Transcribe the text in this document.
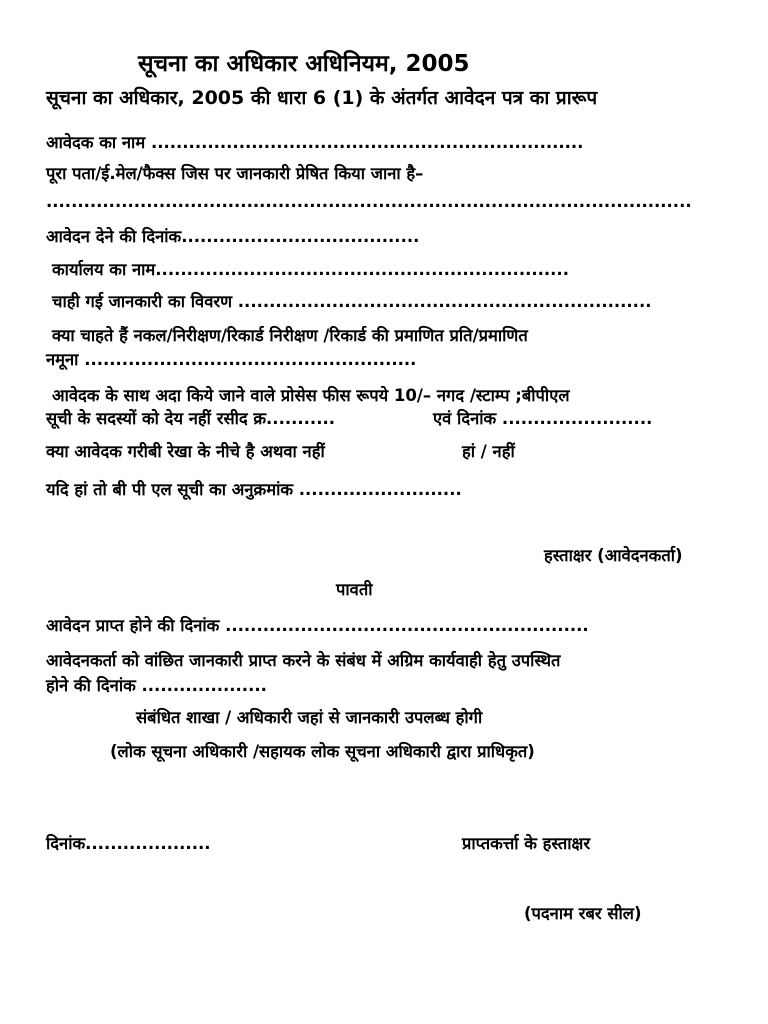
सूचना का अधिकार अधिनियम, 2005
सूचना का अधिकार, 2005 की धारा 6 (1) के अंतर्गत आवेदन पत्र का प्रारूप
आवेदक का नाम .....................................................................
पूरा पता/ई.मेल/फैक्स जिस पर जानकारी प्रेषित किया जाना है–
.......................................................................................................
आवेदन देने की दिनांक......................................
कार्यालय का नाम..................................................................
चाही गई जानकारी का विवरण ..................................................................
क्या चाहते हैं नकल/निरीक्षण/रिकार्ड निरीक्षण /रिकार्ड की प्रमाणित प्रति/प्रमाणित
नमूना .....................................................
आवेदक के साथ अदा किये जाने वाले प्रोसेस फीस रूपये 10/– नगद /स्टाम्प ;बीपीएल
सूची के सदस्यों को देय नहीं रसीद क्र...........	एवं दिनांक ........................
क्या आवेदक गरीबी रेखा के नीचे है अथवा नहीं	हां / नहीं
यदि हां तो बी पी एल सूची का अनुक्रमांक ..........................
हस्ताक्षर (आवेदनकर्ता)
पावती
आवेदन प्राप्त होने की दिनांक ..........................................................
आवेदनकर्ता को वांछित जानकारी प्राप्त करने के संबंध में अग्रिम कार्यवाही हेतु उपस्थित
होने की दिनांक ....................
संबंधित शाखा / अधिकारी जहां से जानकारी उपलब्ध होगी
(लोक सूचना अधिकारी /सहायक लोक सूचना अधिकारी द्वारा प्राधिकृत)
दिनांक....................	प्राप्तकर्त्ता के हस्ताक्षर
(पदनाम रबर सील)
